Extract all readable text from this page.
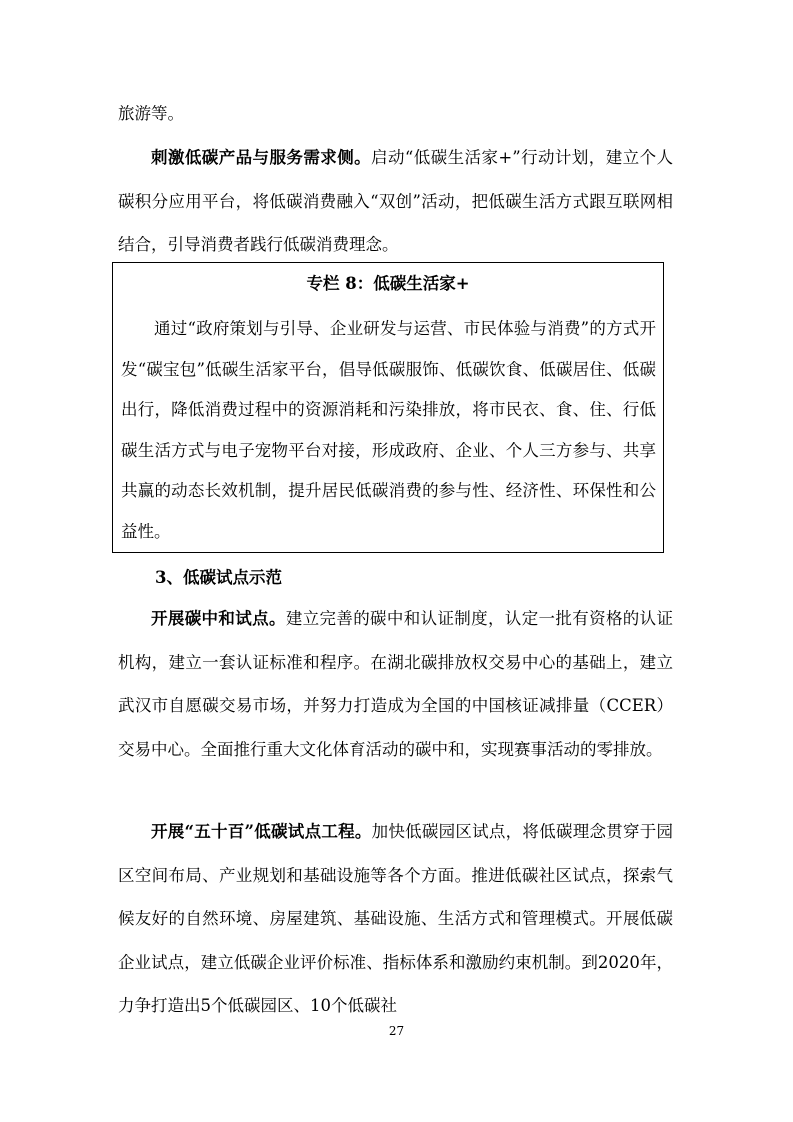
旅游等。

刺激低碳产品与服务需求侧。启动“低碳生活家+”行动计划，建立个人碳积分应用平台，将低碳消费融入“双创”活动，把低碳生活方式跟互联网相结合，引导消费者践行低碳消费理念。

专栏 8：低碳生活家+

通过“政府策划与引导、企业研发与运营、市民体验与消费”的方式开发“碳宝包”低碳生活家平台，倡导低碳服饰、低碳饮食、低碳居住、低碳出行，降低消费过程中的资源消耗和污染排放，将市民衣、食、住、行低碳生活方式与电子宠物平台对接，形成政府、企业、个人三方参与、共享共赢的动态长效机制，提升居民低碳消费的参与性、经济性、环保性和公益性。

3、低碳试点示范

开展碳中和试点。建立完善的碳中和认证制度，认定一批有资格的认证机构，建立一套认证标准和程序。在湖北碳排放权交易中心的基础上，建立武汉市自愿碳交易市场，并努力打造成为全国的中国核证减排量（CCER）交易中心。全面推行重大文化体育活动的碳中和，实现赛事活动的零排放。

开展“五十百”低碳试点工程。加快低碳园区试点，将低碳理念贯穿于园区空间布局、产业规划和基础设施等各个方面。推进低碳社区试点，探索气候友好的自然环境、房屋建筑、基础设施、生活方式和管理模式。开展低碳企业试点，建立低碳企业评价标准、指标体系和激励约束机制。到2020年，力争打造出5个低碳园区、10个低碳社

27
